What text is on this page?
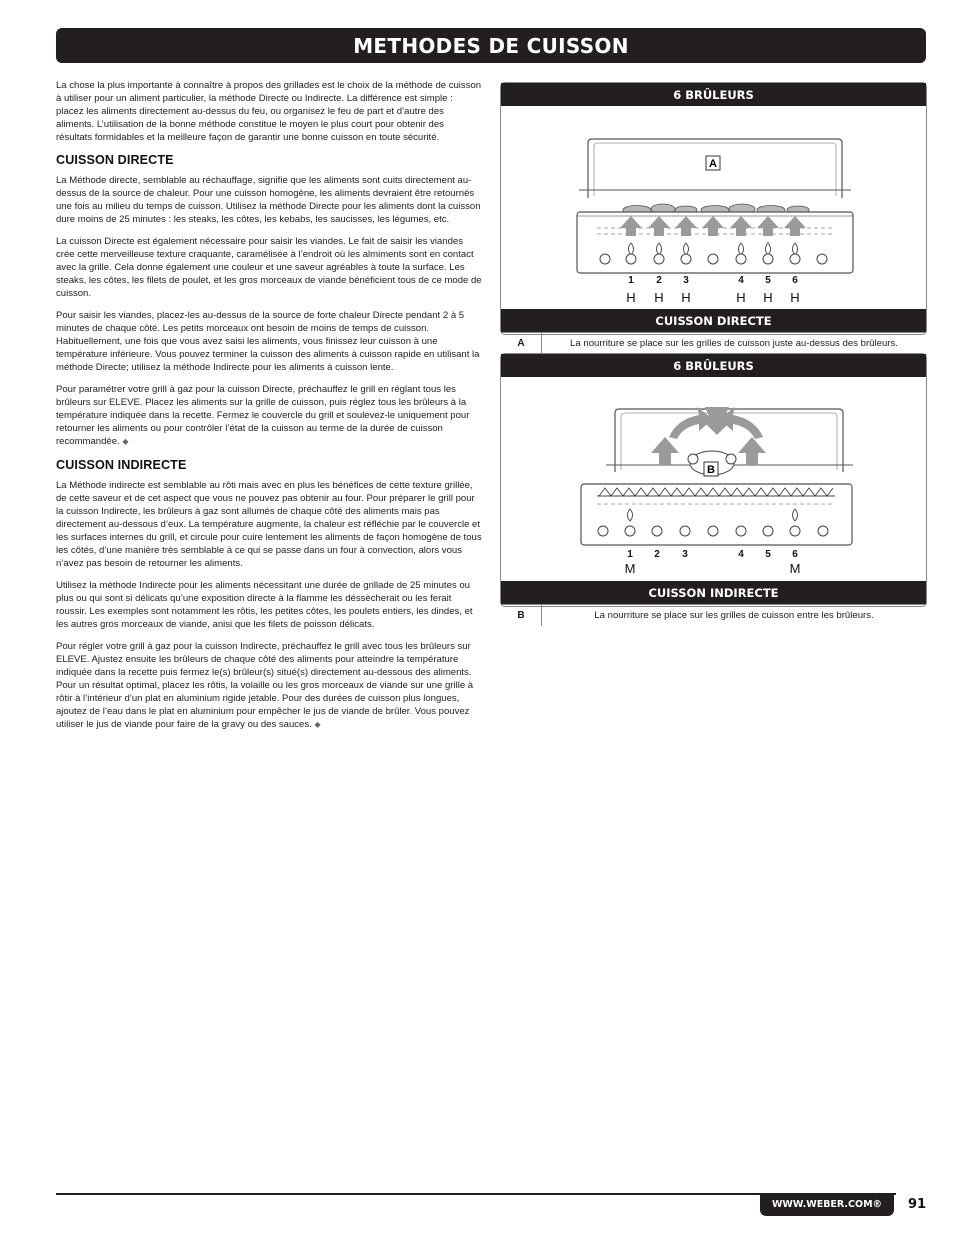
METHODES DE CUISSON

La chose la plus importante à connaître à propos des grillades est le choix de la méthode de cuisson à utiliser pour un aliment particulier, la méthode Directe ou Indirecte. La différence est simple : placez les aliments directement au-dessus du feu, ou organisez le feu de part et d’autre des aliments. L’utilisation de la bonne méthode constitue le moyen le plus court pour obtenir des résultats formidables et la meilleure façon de garantir une bonne cuisson en toute sécurité.

CUISSON DIRECTE

La Méthode directe, semblable au réchauffage, signifie que les aliments sont cuits directement au-dessus de la source de chaleur. Pour une cuisson homogène, les aliments devraient être retournés une fois au milieu du temps de cuisson. Utilisez la méthode Directe pour les aliments dont la cuisson dure moins de 25 minutes : les steaks, les côtes, les kebabs, les saucisses, les légumes, etc.

La cuisson Directe est également nécessaire pour saisir les viandes. Le fait de saisir les viandes crée cette merveilleuse texture craquante, caramélisée à l’endroit où les almiments sont en contact avec la grille. Cela donne également une couleur et une saveur agréables à toute la surface. Les steaks, les côtes, les filets de poulet, et les gros morceaux de viande bénéficient tous de ce mode de cuisson.

Pour saisir les viandes, placez-les au-dessus de la source de forte chaleur Directe pendant 2 à 5 minutes de chaque côté. Les petits morceaux ont besoin de moins de temps de cuisson. Habituellement, une fois que vous avez saisi les aliments, vous finissez leur cuisson à une température inférieure. Vous pouvez terminer la cuisson des aliments à cuisson rapide en utilisant la méthode Directe; utilisez la méthode Indirecte pour les aliments à cuisson lente.

Pour paramétrer votre grill à gaz pour la cuisson Directe, préchauffez le grill en réglant tous les brûleurs sur ELEVE. Placez les aliments sur la grille de cuisson, puis réglez tous les brûleurs à la température indiquée dans la recette. Fermez le couvercle du grill et soulevez-le uniquement pour retourner les aliments ou pour contrôler l’état de la cuisson au terme de la durée de cuisson recommandée. ◆

CUISSON INDIRECTE

La Méthode indirecte est semblable au rôti mais avec en plus les bénéfices de cette texture grillée, de cette saveur et de cet aspect que vous ne pouvez pas obtenir au four. Pour préparer le grill pour la cuisson Indirecte, les brûleurs à gaz sont allumés de chaque côté des aliments mais pas directement au-dessous d’eux. La température augmente, la chaleur est réfléchie par le couvercle et les surfaces internes du grill, et circule pour cuire lentement les aliments de façon homogène de tous les côtés, d’une manière très semblable à ce qui se passe dans un four à convection, alors vous n’avez pas besoin de retourner les aliments.

Utilisez la méthode Indirecte pour les aliments nécessitant une durée de grillade de 25 minutes ou plus ou qui sont si délicats qu’une exposition directe à la flamme les déssècherait ou les ferait roussir. Les exemples sont notamment les rôtis, les petites côtes, les poulets entiers, les dindes, et les autres gros morceaux de viande, anisi que les filets de poisson délicats.

Pour régler votre grill à gaz pour la cuisson Indirecte, préchauffez le grill avec tous les brûleurs sur ELEVE. Ajustez ensuite les brûleurs de chaque côté des aliments pour atteindre la température indiquée dans la recette puis fermez le(s) brûleur(s) situé(s) directement au-dessous des aliments. Pour un résultat optimal, placez les rôtis, la volaille ou les gros morceaux de viande sur une grille à rôtir à l’intérieur d’un plat en aluminium rigide jetable. Pour des durées de cuisson plus longues, ajoutez de l’eau dans le plat en aluminium pour empêcher le jus de viande de brûler. Vous pouvez utiliser le jus de viande pour faire de la gravy ou des sauces. ◆

6 BRÛLEURS
A
1 2 3	4 5 6
H H H	H H H
CUISSON DIRECTE
A	La nourriture se place sur les grilles de cuisson juste au-dessus des brûleurs.
6 BRÛLEURS
B
1 2 3	4 5 6
M	M
CUISSON INDIRECTE
B	La nourriture se place sur les grilles de cuisson entre les brûleurs.
WWW.WEBER.COM®	91
